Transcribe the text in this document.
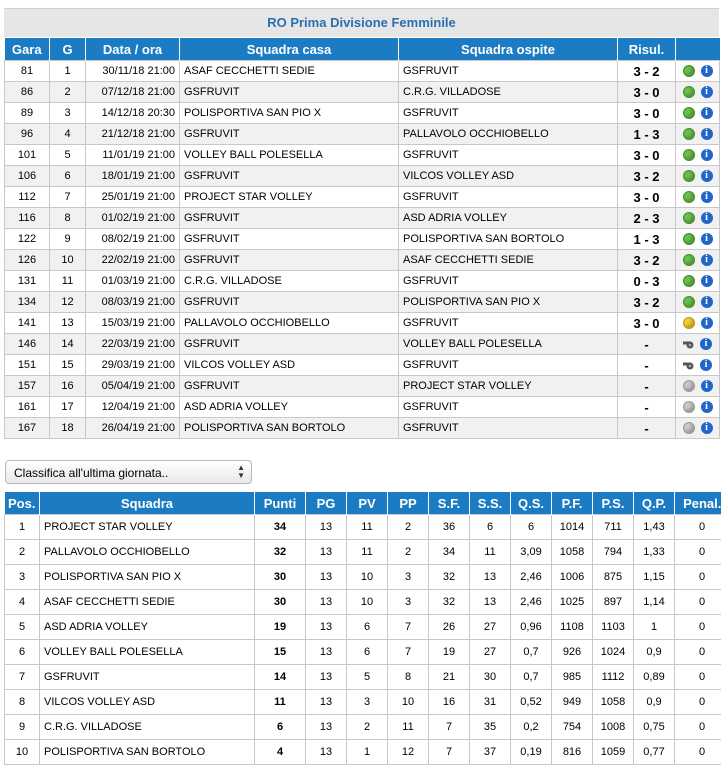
RO Prima Divisione Femminile
Gara	G	Data / ora	Squadra casa	Squadra ospite	Risul.	
81	1	30/11/18 21:00	ASAF CECCHETTI SEDIE	GSFRUVIT	3 - 2	i
86	2	07/12/18 21:00	GSFRUVIT	C.R.G. VILLADOSE	3 - 0	i
89	3	14/12/18 20:30	POLISPORTIVA SAN PIO X	GSFRUVIT	3 - 0	i
96	4	21/12/18 21:00	GSFRUVIT	PALLAVOLO OCCHIOBELLO	1 - 3	i
101	5	11/01/19 21:00	VOLLEY BALL POLESELLA	GSFRUVIT	3 - 0	i
106	6	18/01/19 21:00	GSFRUVIT	VILCOS VOLLEY ASD	3 - 2	i
112	7	25/01/19 21:00	PROJECT STAR VOLLEY	GSFRUVIT	3 - 0	i
116	8	01/02/19 21:00	GSFRUVIT	ASD ADRIA VOLLEY	2 - 3	i
122	9	08/02/19 21:00	GSFRUVIT	POLISPORTIVA SAN BORTOLO	1 - 3	i
126	10	22/02/19 21:00	GSFRUVIT	ASAF CECCHETTI SEDIE	3 - 2	i
131	11	01/03/19 21:00	C.R.G. VILLADOSE	GSFRUVIT	0 - 3	i
134	12	08/03/19 21:00	GSFRUVIT	POLISPORTIVA SAN PIO X	3 - 2	i
141	13	15/03/19 21:00	PALLAVOLO OCCHIOBELLO	GSFRUVIT	3 - 0	i
146	14	22/03/19 21:00	GSFRUVIT	VOLLEY BALL POLESELLA	-	i
151	15	29/03/19 21:00	VILCOS VOLLEY ASD	GSFRUVIT	-	i
157	16	05/04/19 21:00	GSFRUVIT	PROJECT STAR VOLLEY	-	i
161	17	12/04/19 21:00	ASD ADRIA VOLLEY	GSFRUVIT	-	i
167	18	26/04/19 21:00	POLISPORTIVA SAN BORTOLO	GSFRUVIT	-	i
Classifica all'ultima giornata..	▲
▼
Pos.	Squadra	Punti	PG	PV	PP	S.F.	S.S.	Q.S.	P.F.	P.S.	Q.P.	Penal.
1	PROJECT STAR VOLLEY	34	13	11	2	36	6	6	1014	711	1,43	0
2	PALLAVOLO OCCHIOBELLO	32	13	11	2	34	11	3,09	1058	794	1,33	0
3	POLISPORTIVA SAN PIO X	30	13	10	3	32	13	2,46	1006	875	1,15	0
4	ASAF CECCHETTI SEDIE	30	13	10	3	32	13	2,46	1025	897	1,14	0
5	ASD ADRIA VOLLEY	19	13	6	7	26	27	0,96	1108	1103	1	0
6	VOLLEY BALL POLESELLA	15	13	6	7	19	27	0,7	926	1024	0,9	0
7	GSFRUVIT	14	13	5	8	21	30	0,7	985	1112	0,89	0
8	VILCOS VOLLEY ASD	11	13	3	10	16	31	0,52	949	1058	0,9	0
9	C.R.G. VILLADOSE	6	13	2	11	7	35	0,2	754	1008	0,75	0
10	POLISPORTIVA SAN BORTOLO	4	13	1	12	7	37	0,19	816	1059	0,77	0
